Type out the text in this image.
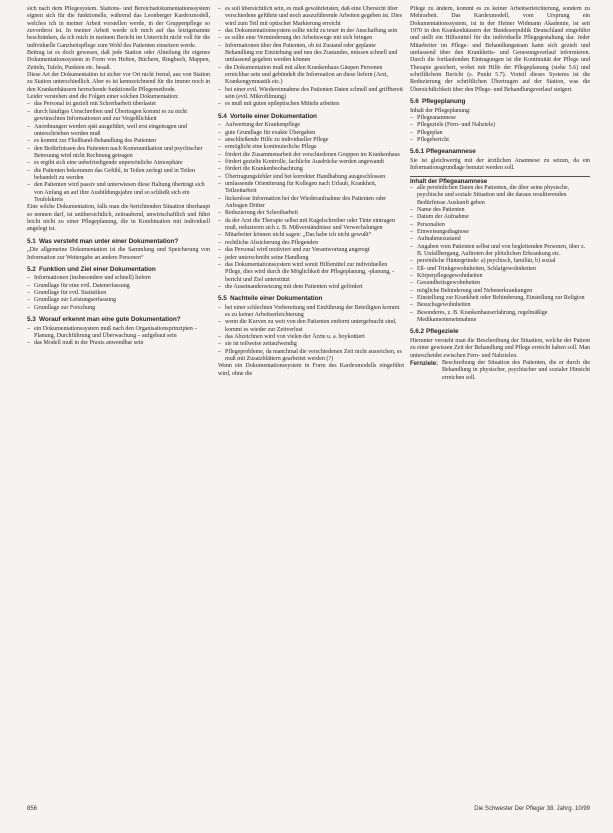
sich nach dem Pflegesystem. Stations- und Bereichsdokumentationssystem eignen sich für die funktionelle, während das Leonberger Kardexmodell, welches ich in meiner Arbeit vorstellen werde, in der Gruppenpflege so zuvorderst ist. In meiner Arbeit werde ich mich auf das letztgenannte beschränken, da ich mich in meinem Bericht im Unterricht nicht voll für die individuelle Ganzheitspflege zum Wohl des Patienten einsetzen werde.

Beitrag ist es doch gewesen, daß jede Station oder Abteilung ihr eigenes Dokumentationssystem in Form von Heften, Büchern, Ringbuch, Mappen, Zetteln, Tafeln, Punkten etc. besaß.

Diese Art der Dokumentation ist sicher vor Ort nicht fremd, aus von Station zu Station unterschiedlich. Aber es ist kennzeichnend für die immer noch in den Krankenhäusern herrschende funktionelle Pflegemethode.

Leider verstehen sind die Folgen einer solchen Dokumentation:

– das Personal ist gezielt mit Schreibarbeit überlastet
– durch häufiges Umschreiben und Übertragen kommt es zu nicht gewünschten Informationen und zur Vergeßlichkeit
– Anordnungen werden spät ausgeführt, weil erst eingetragen und unterschrieben werden muß
– es kommt zur Fließband-Behandlung des Patienten
– den Bedürfnissen des Patienten nach Kommunikation und psychischer Betreuung wird nicht Rechnung getragen
– es ergibt sich eine unbefriedigende unpersönliche Atmosphäre
– die Patienten bekommen das Gefühl, in Teilen zerlegt und in Teilen behandelt zu werden
– den Patienten wird passiv und unterwiesen diese Haltung überträgt sich von Anfang an auf ihre Ausbildungsjahre und so schließt sich ein Teufelskreis

Eine solche Dokumentation, falls man die berichtenden Situation überhaupt so nennen darf, ist unübersichtlich, zeitraubend, unwirtschaftlich und führt leicht nicht zu einer Pflegeplanung, die in Kombination mit individuell angelegt ist.

5.1 Was versteht man unter einer Dokumentation?

„Die allgemeine Dokumentation ist die Sammlung und Speicherung von Information zur Weitergabe an andere Personen“

5.2 Funktion und Ziel einer Dokumentation
– Informationen (insbesondere und schnell) liefern
– Grundlage für eine evtl. Datenerfassung
– Grundlage für evtl. Statistiken
– Grundlage zur Leistungserfassung
– Grundlage zur Forschung
5.3 Worauf erkennt man eine gute Dokumentation?
– ein Dokumentationssystem muß nach den Organisationsprinzipien – Planung, Durchführung und Überwachung – aufgebaut sein
– das Modell muß in der Praxis anwendbar sein
– es soll übersichtlich sein, es muß gewährleisten, daß eine Übersicht über verschiedene geführte und noch auszuführende Arbeiten gegeben ist. Dies wird zum Teil mit optischer Markierung erreicht
– das Dokumentationssystem sollte nicht zu teuer in der Anschaffung sein
– es sollte eine Verminderung der Arbeitswege mit sich bringen
– Informationen über den Patienten, ob ist Zustand oder geplante Behandlung zur Entziehung und neu des Zustandes, müssen schnell und umfassend gegeben werden können
– die Dokumentation muß mit allen Krankenhaus Gäupen Personen erreichbar sein und gebündelt die Information an diese liefern (Arzt, Krankengymnastik etc.)
– bei einer evtl. Wiedereinnahme des Patienten Daten schnell und griffbereit sein (evtl. Mikrofilmung)
– es muß mit guten epileptischen Mitteln arbeiten
5.4 Vorteile einer Dokumentation
– Aufwertung der Krankenpflege
– gute Grundlage für exakte Übergaben
– anschließende Hilfe zu individueller Pflege
– ermöglicht eine kontinuierliche Pflege
– fördert die Zusammenarbeit der verschiedenen Gruppen im Krankenhaus
– fördert gezielte Kontrolle, fachliche Ausdrücke werden angewandt
– fördert die Krankenbeobachtung
– Übertragungsfehler sind bei korrekter Handhabung ausgeschlossen
– umfassende Orientierung für Kollegen nach Urlaub, Krankheit, Teilzeitarbeit
– lückenlose Information bei der Wiederaufnahme des Patienten oder Anfragen Dritter
– Reduzierung der Schreibarbeit
– da der Arzt die Therapie selbst mit Kugelschreiber oder Tinte eintragen muß, reduzieren sich z. B. Mißverständnisse und Verwechslungen
– Mitarbeiter können nicht sagen: „Das habe ich nicht gewußt“
– rechtliche Absicherung des Pflegenden
– das Personal wird motiviert und zur Verantwortung angeregt
– jeder unterschreibt seine Handlung
– das Dokumentationssystem wird somit Hilfsmittel zur individuellen Pflege, dies wird durch die Möglichkeit der Pflegeplanung, -planung, -bericht und Ziel unterstützt
– die Auseinandersetzung mit dem Patienten wird gefördert
5.5 Nachteile einer Dokumentation
– bei einer schlechten Vorbereitung und Einführung der Beteiligten kommt es zu keiner Arbeitserleichterung
– wenn die Kurven zu weit von den Patienten entfernt untergebracht sind, kommt es wieder zur Zeitverlust
– das Abzeichnen wird von vielen der Ärzte u. a. boykottiert
– sie ist teilweise zeitaufwendig
– Pflegeprobleme, da manchmal die verschiedenen Zeit nicht ausreichen, es muß mit Zusatzblättern gearbeitet werden (?)

Wenn ein Dokumentationssystem in Form des Kardexmodells eingeführt wird, ohne die

Pflege zu ändern, kommt es zu keiner Arbeitserleichterung, sondern zu Mehrarbeit. Das Kardexmodell, vom Ursprung ein Dokumentationssystem, ist in der Heiner Widmann Akademie, ist seit 1970 in den Krankenhäusern der Bundesrepublik Deutschland eingeführt und stellt ein Hilfsmittel für die individuelle Pflegegestaltung dar. Jeder Mitarbeiter im Pflege- und Behandlungsteam kann sich gezielt und umfassend über den Krankheits- und Genesungsverlauf informieren. Durch die fortlaufenden Eintragungen ist die Kontinuität der Pflege und Therapie gesichert, wobei mit Hilfe der Pflegeplanung (siehe 5.6) und schriftlichem Bericht (s. Punkt 5.7). Vorteil dieses Systems ist die Reduzierung der schriftlichen Übertragen auf der Station, was die Übersichtlichkeit über den Pflege- und Behandlungsverlauf steigert.

5.6 Pflegeplanung

Inhalt der Pflegeplanung:

– Pflegeanamnese
– Pflegeziele (Fern- und Nahziele)
– Pflegeplan
– Pflegebericht
5.6.1 Pflegeanamnese

Sie ist gleichwertig mit der ärztlichen Anamnese zu setzen, da ein Informationsgrundlage benutzt werden soll.

Inhalt der Pflegeanamnese
– alle persönlichen Daten des Patienten, die über seine physische, psychische und soziale Situation und die daraus resultierenden Bedürfnisse Auskunft geben
– Name des Patienten
– Datum der Aufnahme
– Personalien
– Einweisungsdiagnose
– Aufnahmezustand
– Angaben vom Patienten selbst und von begleitenden Personen, über z. B. Unfallhergang, Auftreten der plötzlichen Erkrankung etc.
– persönliche Hintergründe: a) psychisch, familiär, b) sozial
– Eß- und Trinkgewohnheiten, Schlafgewohnheiten
– Körperpflegegewohnheiten
– Gesundheitsgewohnheiten
– mögliche Behinderung und Nebenerkrankungen
– Einstellung zur Krankheit oder Behinderung, Einstellung zur Religion
– Besuchsgewohnheiten
– Besonderes, z. B. Krankenhauserfahrung, regelmäßige Medikamenteneinnahme
5.6.2 Pflegeziele

Hierunter versteht man die Beschreibung der Situation, welche der Patient zu einer gewissen Zeit der Behandlung und Pflege erreicht haben soll. Man unterscheidet zwischen Fern- und Nahzielen.

Fernziele: Beschreibung der Situation des Patienten, die er durch die Behandlung in physischer, psychischer und sozialer Hinsicht erreichen soll.
856	Die Schwester Der Pfleger 38. Jahrg. 10/99
